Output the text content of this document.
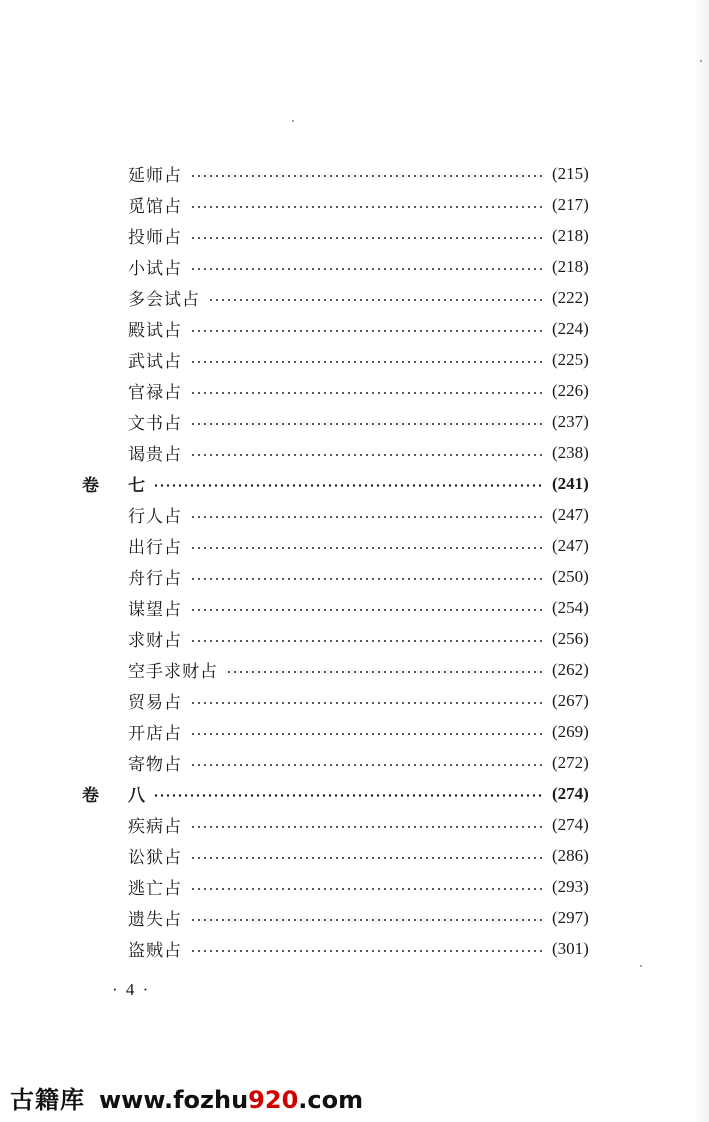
延师占	(215)
觅馆占	(217)
投师占	(218)
小试占	(218)
多会试占	(222)
殿试占	(224)
武试占	(225)
官禄占	(226)
文书占	(237)
谒贵占	(238)
卷 七	(241)
行人占	(247)
出行占	(247)
舟行占	(250)
谋望占	(254)
求财占	(256)
空手求财占	(262)
贸易占	(267)
开店占	(269)
寄物占	(272)
卷 八	(274)
疾病占	(274)
讼狱占	(286)
逃亡占	(293)
遗失占	(297)
盗贼占	(301)
· 4 ·
古籍库 www.fozhu920.com
